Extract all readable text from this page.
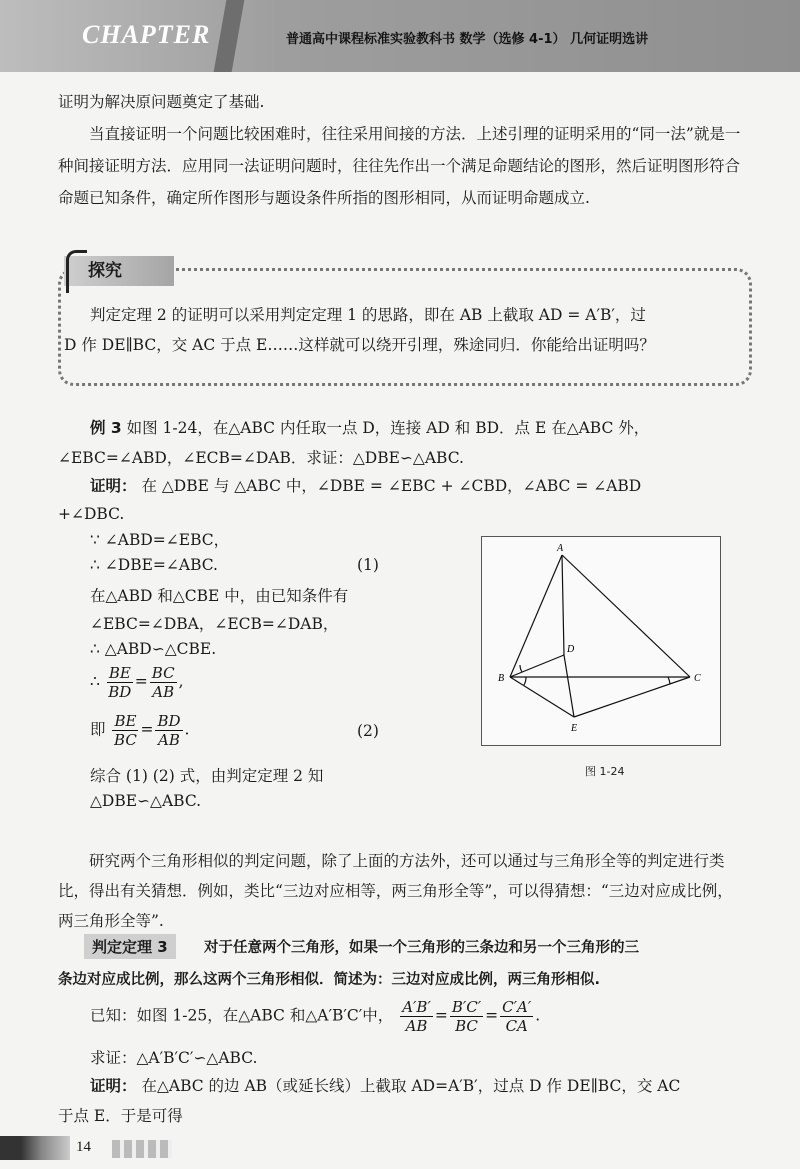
CHAPTER	普通高中课程标准实验教科书 数学（选修 4-1） 几何证明选讲
证明为解决原问题奠定了基础.
当直接证明一个问题比较困难时，往往采用间接的方法．上述引理的证明采用的“同一法”就是一种间接证明方法．应用同一法证明问题时，往往先作出一个满足命题结论的图形，然后证明图形符合命题已知条件，确定所作图形与题设条件所指的图形相同，从而证明命题成立.
探究

判定定理 2 的证明可以采用判定定理 1 的思路，即在 AB 上截取 AD = A′B′，过

D 作 DE∥BC，交 AC 于点 E……这样就可以绕开引理，殊途同归．你能给出证明吗？

例 3 如图 1-24，在△ABC 内任取一点 D，连接 AD 和 BD．点 E 在△ABC 外，
∠EBC=∠ABD，∠ECB=∠DAB．求证：△DBE∽△ABC.
证明： 在 △DBE 与 △ABC 中，∠DBE = ∠EBC + ∠CBD，∠ABC = ∠ABD
+∠DBC.
∵ ∠ABD=∠EBC，
∴ ∠DBE=∠ABC.	(1)
在△ABD 和△CBE 中，由已知条件有
∠EBC=∠DBA，∠ECB=∠DAB，
∴ △ABD∽△CBE.
∴ $\frac{BE}{BD} = \frac{BC}{AB}$ ,
即 $\frac{BE}{BC} = \frac{BD}{AB}$ .	(2)
综合 (1) (2) 式，由判定定理 2 知
△DBE∽△ABC.
A
B	C
D
E
图 1-24
研究两个三角形相似的判定问题，除了上面的方法外，还可以通过与三角形全等的判定进行类比，得出有关猜想．例如，类比“三边对应相等，两三角形全等”，可以得猜想：“三边对应成比例，两三角形全等”.
判定定理 3	对于任意两个三角形，如果一个三角形的三条边和另一个三角形的三
条边对应成比例，那么这两个三角形相似．简述为：三边对应成比例，两三角形相似.
已知：如图 1-25，在△ABC 和△A′B′C′中， $\frac{A'B'}{AB} = \frac{B'C'}{BC} = \frac{C'A'}{CA}$ .
求证：△A′B′C′∽△ABC.
证明： 在△ABC 的边 AB（或延长线）上截取 AD=A′B′，过点 D 作 DE∥BC，交 AC
于点 E．于是可得
14
